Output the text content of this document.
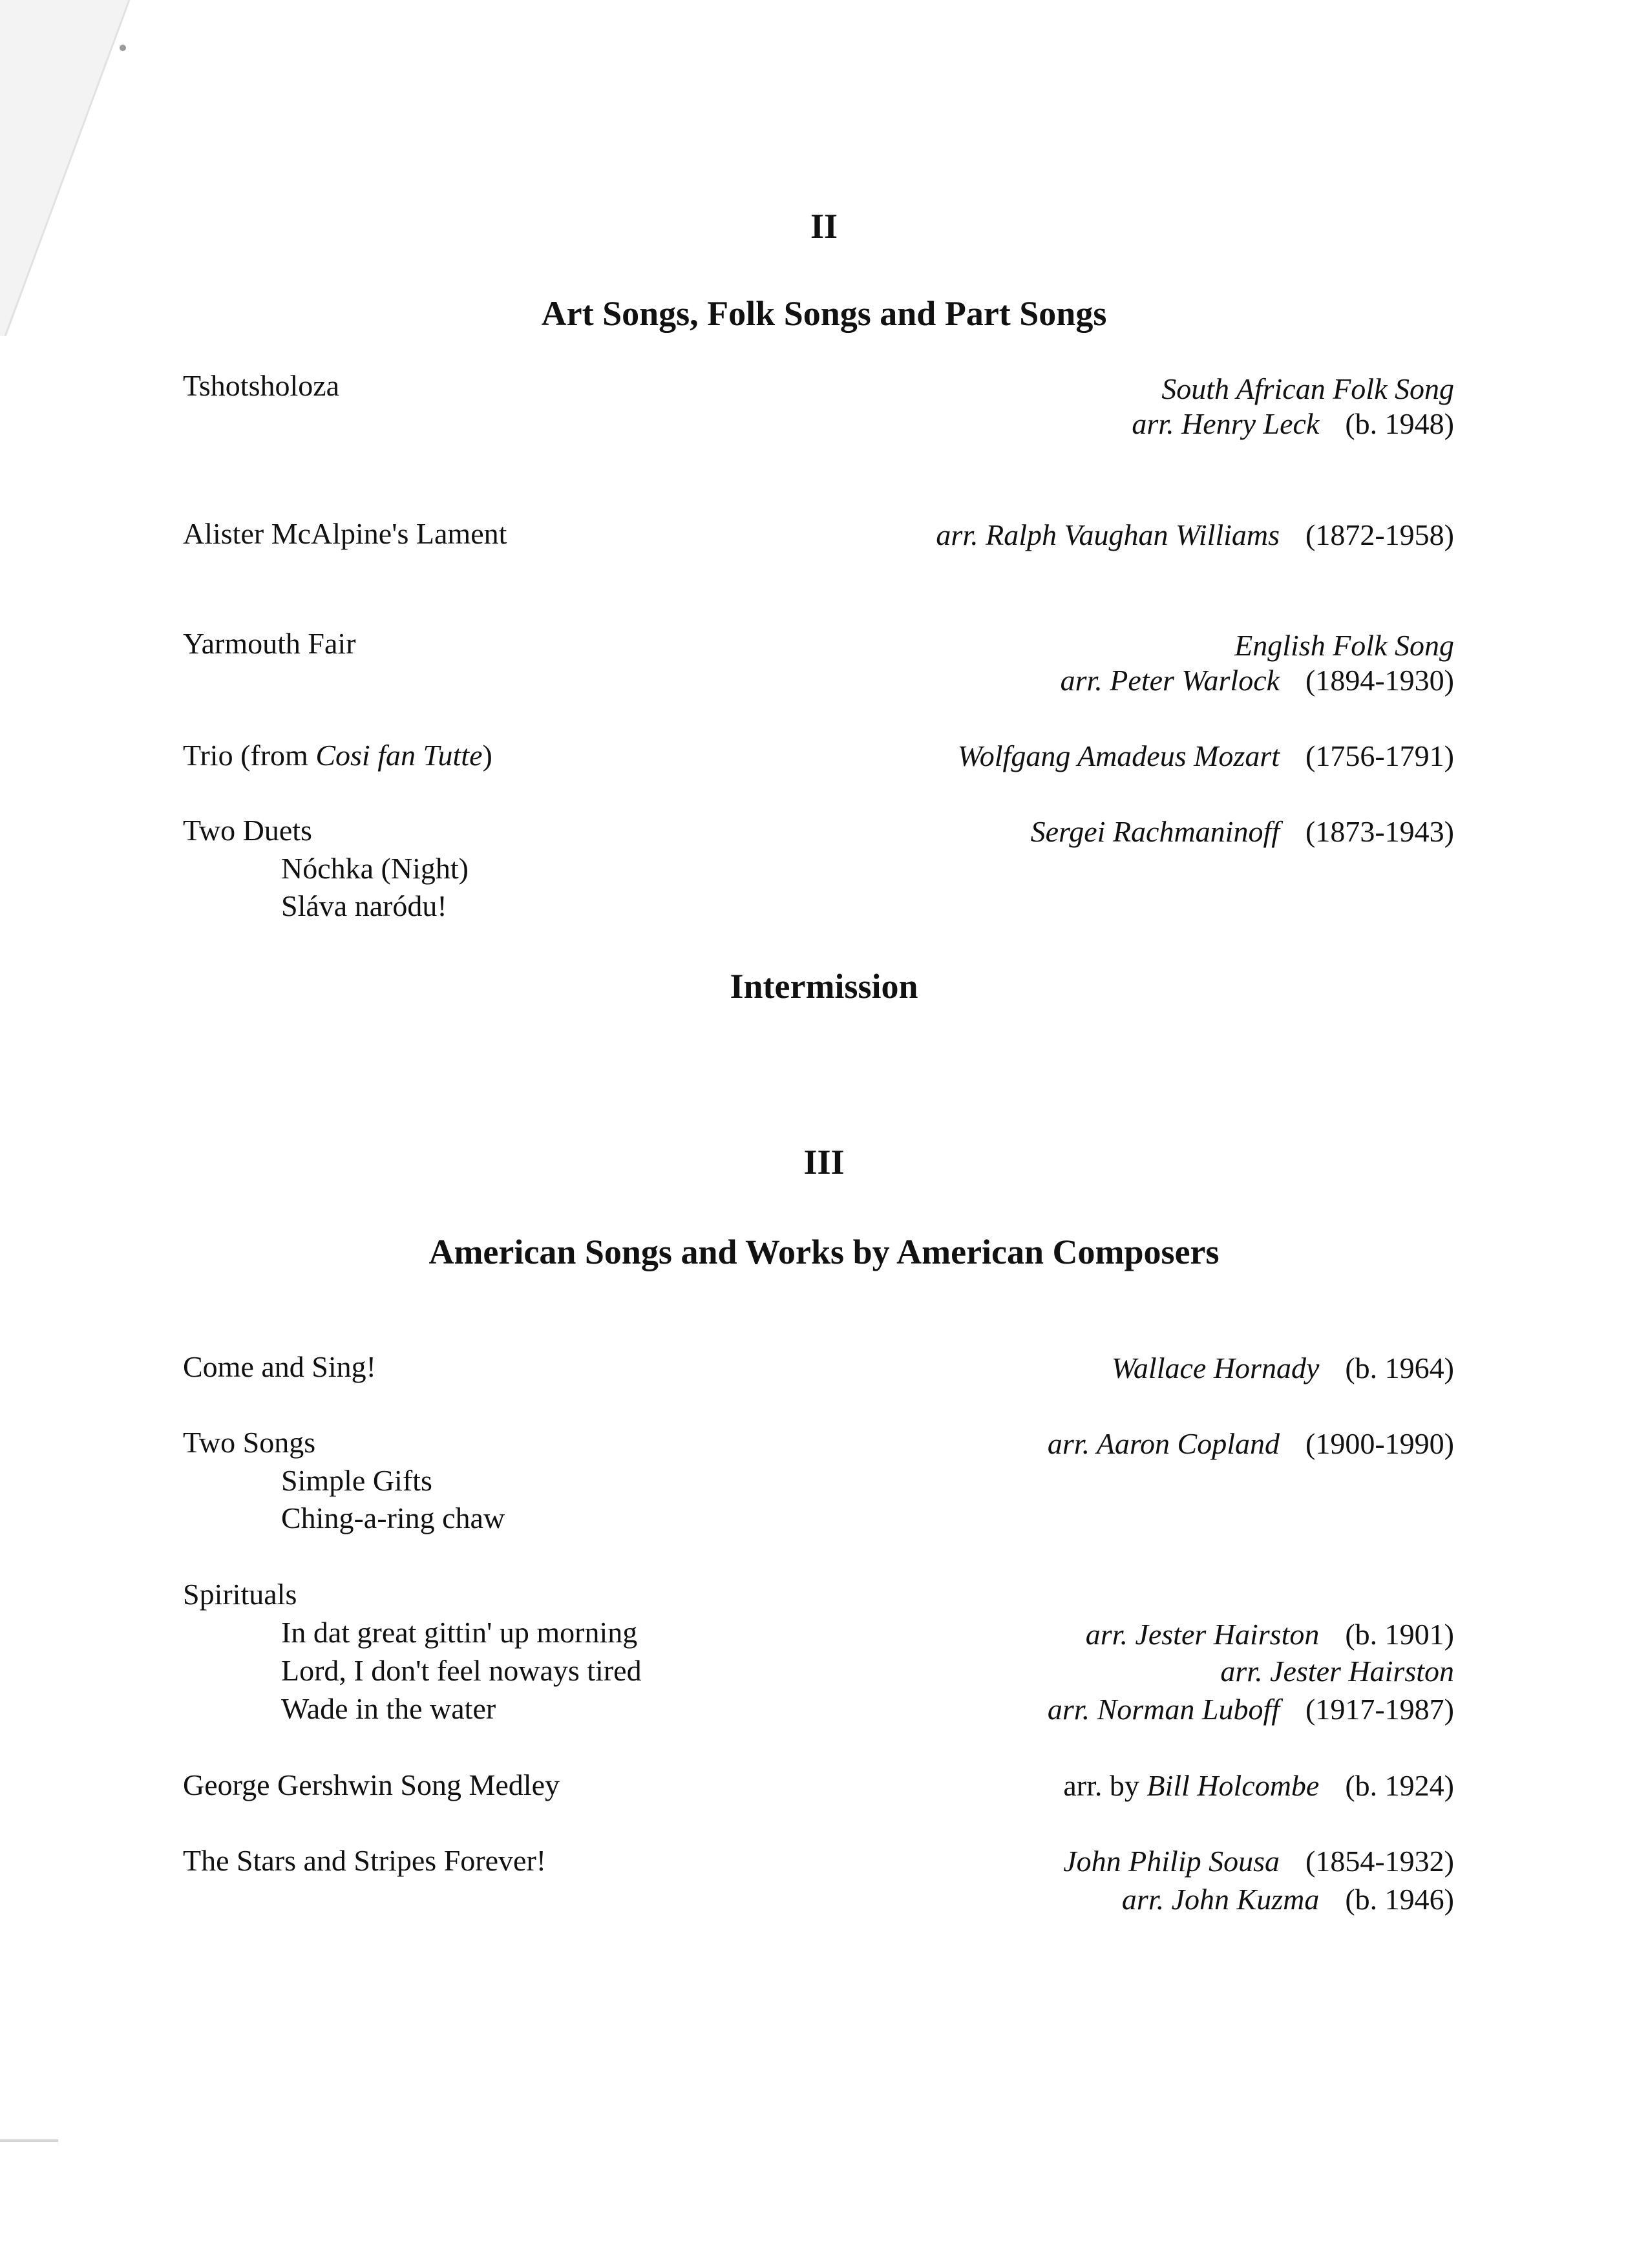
II
Art Songs, Folk Songs and Part Songs
Tshotsholoza	South African Folk Song
arr. Henry Leck (b. 1948)
Alister McAlpine's Lament	arr. Ralph Vaughan Williams (1872-1958)
Yarmouth Fair	English Folk Song
arr. Peter Warlock (1894-1930)
Trio (from Cosi fan Tutte)	Wolfgang Amadeus Mozart (1756-1791)
Two Duets	Sergei Rachmaninoff (1873-1943)
Nóchka (Night)
Sláva naródu!
Intermission
III
American Songs and Works by American Composers
Come and Sing!	Wallace Hornady (b. 1964)
Two Songs	arr. Aaron Copland (1900-1990)
Simple Gifts
Ching-a-ring chaw
Spirituals
In dat great gittin' up morning	arr. Jester Hairston (b. 1901)
Lord, I don't feel noways tired	arr. Jester Hairston
Wade in the water	arr. Norman Luboff (1917-1987)
George Gershwin Song Medley	arr. by Bill Holcombe (b. 1924)
The Stars and Stripes Forever!	John Philip Sousa (1854-1932)
arr. John Kuzma (b. 1946)
